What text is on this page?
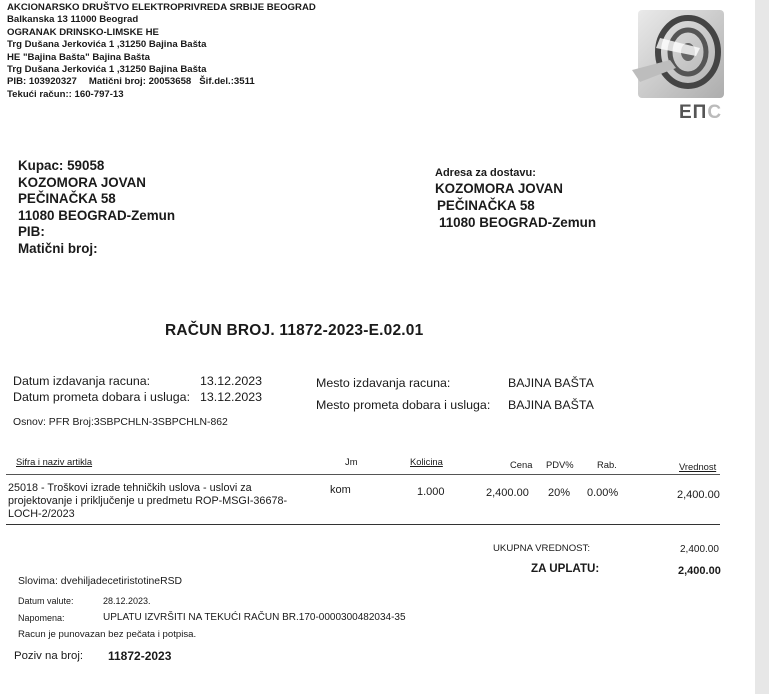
AKCIONARSKO DRUŠTVO ELEKTROPRIVREDA SRBIJE BEOGRAD
Balkanska 13 11000 Beograd
OGRANAK DRINSKO-LIMSKE HE
Trg Dušana Jerkovića 1 ,31250 Bajina Bašta
HE "Bajina Bašta" Bajina Bašta
Trg Dušana Jerkovića 1 ,31250 Bajina Bašta
PIB: 103920327 Matični broj: 20053658 Šif.del.:3511
Tekući račun:: 160-797-13
ЕПС
Kupac: 59058
KOZOMORA JOVAN
PEČINAČKA 58
11080 BEOGRAD-Zemun
PIB:
Matični broj:
Adresa za dostavu:
KOZOMORA JOVAN
PEČINAČKA 58
11080 BEOGRAD-Zemun
RAČUN BROJ. 11872-2023-E.02.01
Datum izdavanja racuna:	13.12.2023
Datum prometa dobara i usluga: 13.12.2023
Mesto izdavanja racuna:	BAJINA BAŠTA
Mesto prometa dobara i usluga: BAJINA BAŠTA
Osnov: PFR Broj:3SBPCHLN-3SBPCHLN-862
Sifra i naziv artikla	Jm	Kolicina	Cena PDV% Rab.	Vrednost
25018 - Troškovi izrade tehničkih uslova - uslovi za
projektovanje i priključenje u predmetu ROP-MSGI-36678-
LOCH-2/2023
kom	1.000	2,400.00 20% 0.00%	2,400.00
UKUPNA VREDNOST:	2,400.00
ZA UPLATU:	2,400.00
Slovima: dvehiljadecetiristotineRSD
Datum valute:	28.12.2023.
Napomena:	UPLATU IZVRŠITI NA TEKUĆI RAČUN BR.170-0000300482034-35
Racun je punovazan bez pečata i potpisa.
Poziv na broj: 11872-2023
